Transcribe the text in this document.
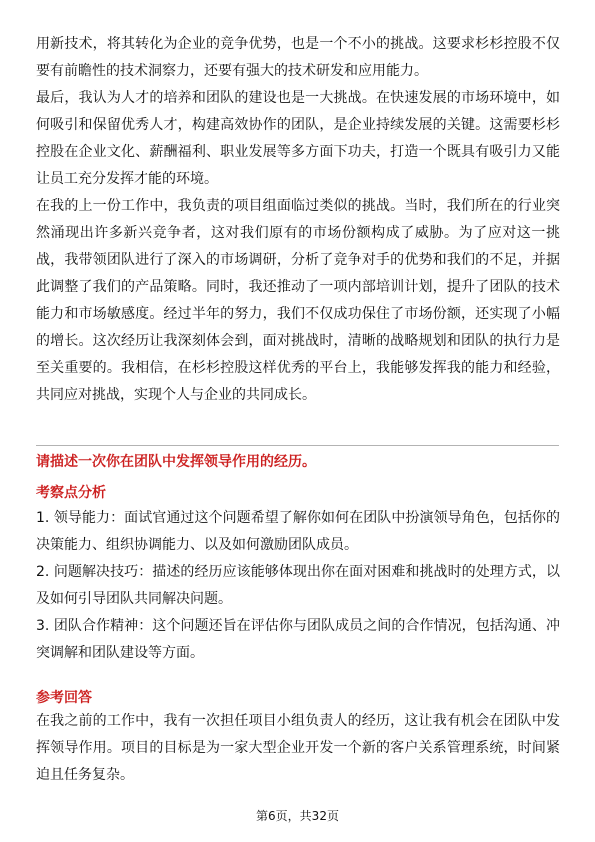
用新技术，将其转化为企业的竞争优势，也是一个不小的挑战。这要求杉杉控股不仅要有前瞻性的技术洞察力，还要有强大的技术研发和应用能力。

最后，我认为人才的培养和团队的建设也是一大挑战。在快速发展的市场环境中，如何吸引和保留优秀人才，构建高效协作的团队，是企业持续发展的关键。这需要杉杉控股在企业文化、薪酬福利、职业发展等多方面下功夫，打造一个既具有吸引力又能让员工充分发挥才能的环境。

在我的上一份工作中，我负责的项目组面临过类似的挑战。当时，我们所在的行业突然涌现出许多新兴竞争者，这对我们原有的市场份额构成了威胁。为了应对这一挑战，我带领团队进行了深入的市场调研，分析了竞争对手的优势和我们的不足，并据此调整了我们的产品策略。同时，我还推动了一项内部培训计划，提升了团队的技术能力和市场敏感度。经过半年的努力，我们不仅成功保住了市场份额，还实现了小幅的增长。这次经历让我深刻体会到，面对挑战时，清晰的战略规划和团队的执行力是至关重要的。我相信，在杉杉控股这样优秀的平台上，我能够发挥我的能力和经验，共同应对挑战，实现个人与企业的共同成长。

请描述一次你在团队中发挥领导作用的经历。
考察点分析

1. 领导能力：面试官通过这个问题希望了解你如何在团队中扮演领导角色，包括你的决策能力、组织协调能力、以及如何激励团队成员。

2. 问题解决技巧：描述的经历应该能够体现出你在面对困难和挑战时的处理方式，以及如何引导团队共同解决问题。

3. 团队合作精神：这个问题还旨在评估你与团队成员之间的合作情况，包括沟通、冲突调解和团队建设等方面。

参考回答

在我之前的工作中，我有一次担任项目小组负责人的经历，这让我有机会在团队中发挥领导作用。项目的目标是为一家大型企业开发一个新的客户关系管理系统，时间紧迫且任务复杂。

第6页，共32页
